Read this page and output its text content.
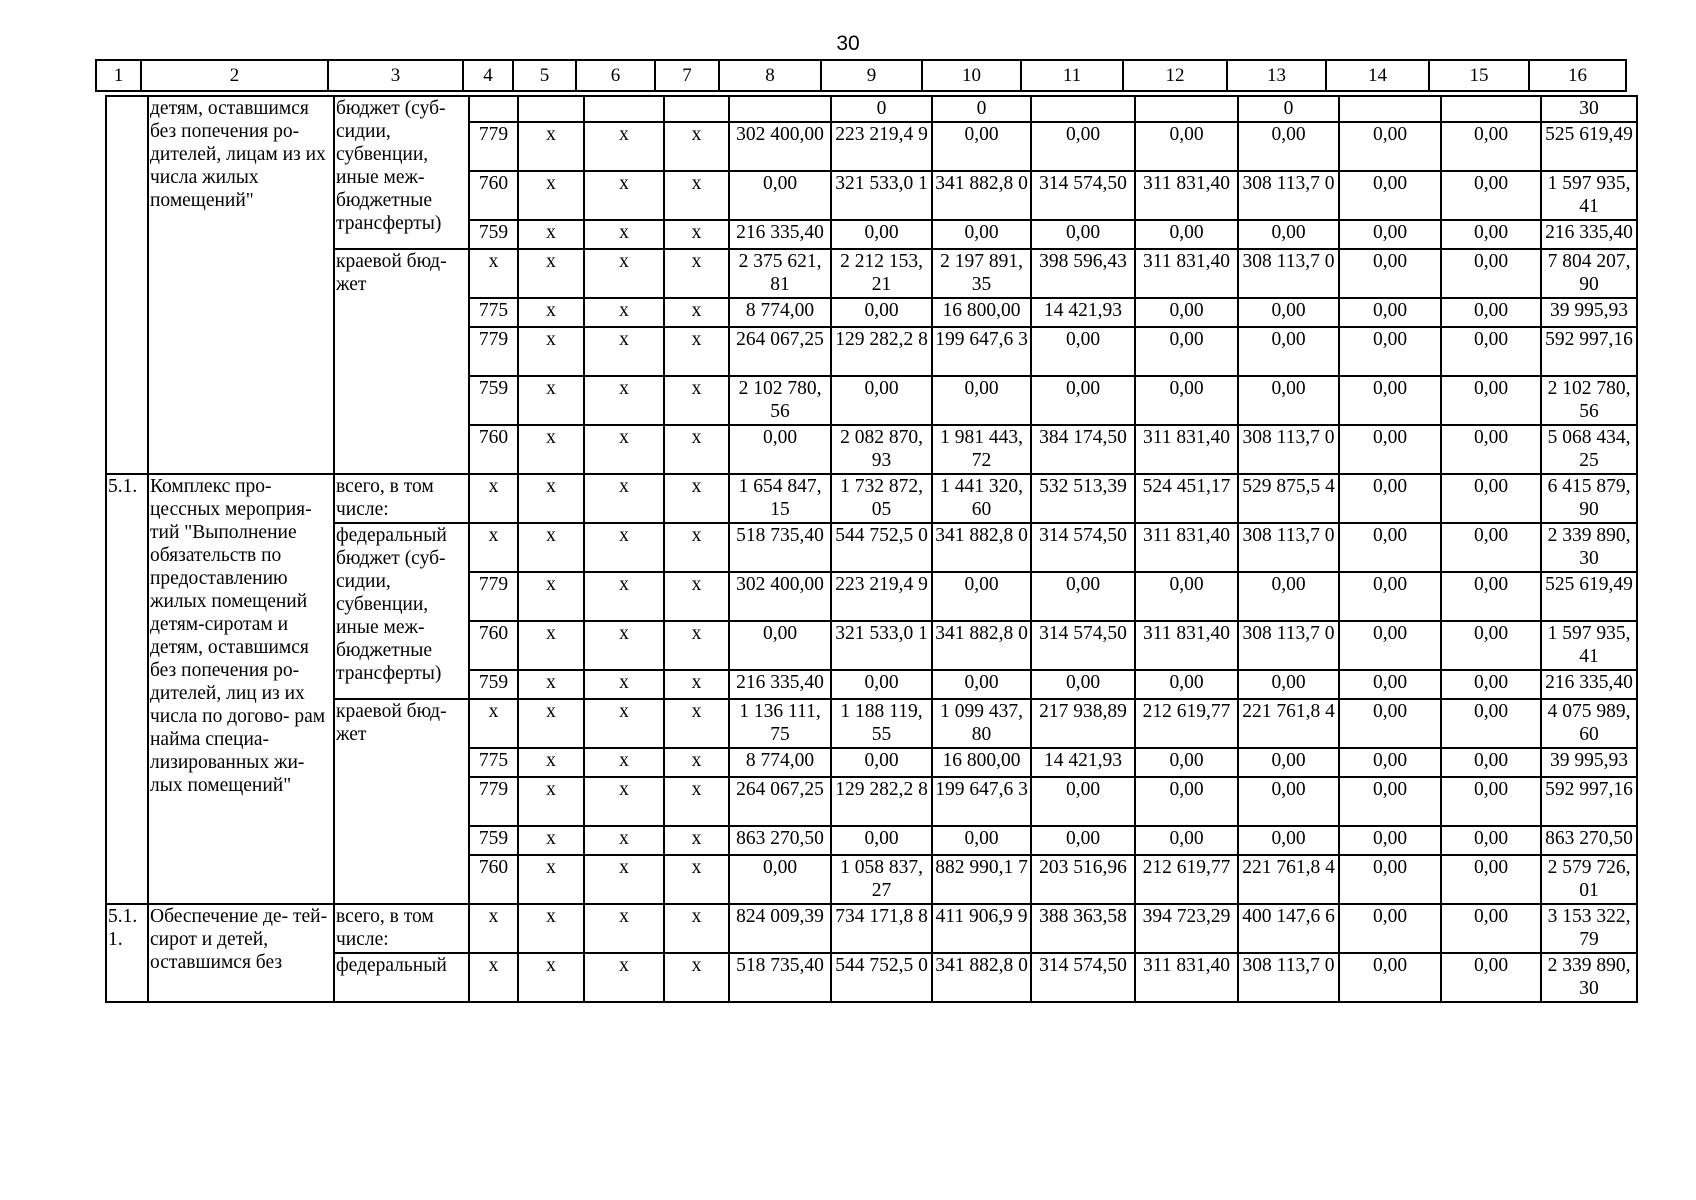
30
1	2	3	4	5	6	7	8	9	10	11	12	13	14	15	16
	детям, оставшимся без попечения ро- дителей, лицам из их числа жилых помещений"	бюджет (суб- сидии, субвенции, иные меж- бюджетные трансферты)						0	0			0			30
			779	х	х	х	302 400,00	223 219,4 9	0,00	0,00	0,00	0,00	0,00	0,00	525 619,49
			760	х	х	х	0,00	321 533,0 1	341 882,8 0	314 574,50	311 831,40	308 113,7 0	0,00	0,00	1 597 935, 41
			759	х	х	х	216 335,40	0,00	0,00	0,00	0,00	0,00	0,00	0,00	216 335,40
		краевой бюд- жет	х	х	х	х	2 375 621, 81	2 212 153, 21	2 197 891, 35	398 596,43	311 831,40	308 113,7 0	0,00	0,00	7 804 207, 90
			775	х	х	х	8 774,00	0,00	16 800,00	14 421,93	0,00	0,00	0,00	0,00	39 995,93
			779	х	х	х	264 067,25	129 282,2 8	199 647,6 3	0,00	0,00	0,00	0,00	0,00	592 997,16
			759	х	х	х	2 102 780, 56	0,00	0,00	0,00	0,00	0,00	0,00	0,00	2 102 780, 56
			760	х	х	х	0,00	2 082 870, 93	1 981 443, 72	384 174,50	311 831,40	308 113,7 0	0,00	0,00	5 068 434, 25
5.1.	Комплекс про- цессных мероприя- тий "Выполнение обязательств по предоставлению жилых помещений детям-сиротам и детям, оставшимся без попечения ро- дителей, лиц из их числа по догово- рам найма специа- лизированных жи- лых помещений"	всего, в том числе:	х	х	х	х	1 654 847, 15	1 732 872, 05	1 441 320, 60	532 513,39	524 451,17	529 875,5 4	0,00	0,00	6 415 879, 90
		федеральный бюджет (суб- сидии, субвенции, иные меж- бюджетные трансферты)	х	х	х	х	518 735,40	544 752,5 0	341 882,8 0	314 574,50	311 831,40	308 113,7 0	0,00	0,00	2 339 890, 30
			779	х	х	х	302 400,00	223 219,4 9	0,00	0,00	0,00	0,00	0,00	0,00	525 619,49
			760	х	х	х	0,00	321 533,0 1	341 882,8 0	314 574,50	311 831,40	308 113,7 0	0,00	0,00	1 597 935, 41
			759	х	х	х	216 335,40	0,00	0,00	0,00	0,00	0,00	0,00	0,00	216 335,40
		краевой бюд- жет	х	х	х	х	1 136 111, 75	1 188 119, 55	1 099 437, 80	217 938,89	212 619,77	221 761,8 4	0,00	0,00	4 075 989, 60
			775	х	х	х	8 774,00	0,00	16 800,00	14 421,93	0,00	0,00	0,00	0,00	39 995,93
			779	х	х	х	264 067,25	129 282,2 8	199 647,6 3	0,00	0,00	0,00	0,00	0,00	592 997,16
			759	х	х	х	863 270,50	0,00	0,00	0,00	0,00	0,00	0,00	0,00	863 270,50
			760	х	х	х	0,00	1 058 837, 27	882 990,1 7	203 516,96	212 619,77	221 761,8 4	0,00	0,00	2 579 726, 01
5.1. 1.	Обеспечение де- тей-сирот и детей, оставшимся без	всего, в том числе:	х	х	х	х	824 009,39	734 171,8 8	411 906,9 9	388 363,58	394 723,29	400 147,6 6	0,00	0,00	3 153 322, 79
		федеральный	х	х	х	х	518 735,40	544 752,5 0	341 882,8 0	314 574,50	311 831,40	308 113,7 0	0,00	0,00	2 339 890, 30
